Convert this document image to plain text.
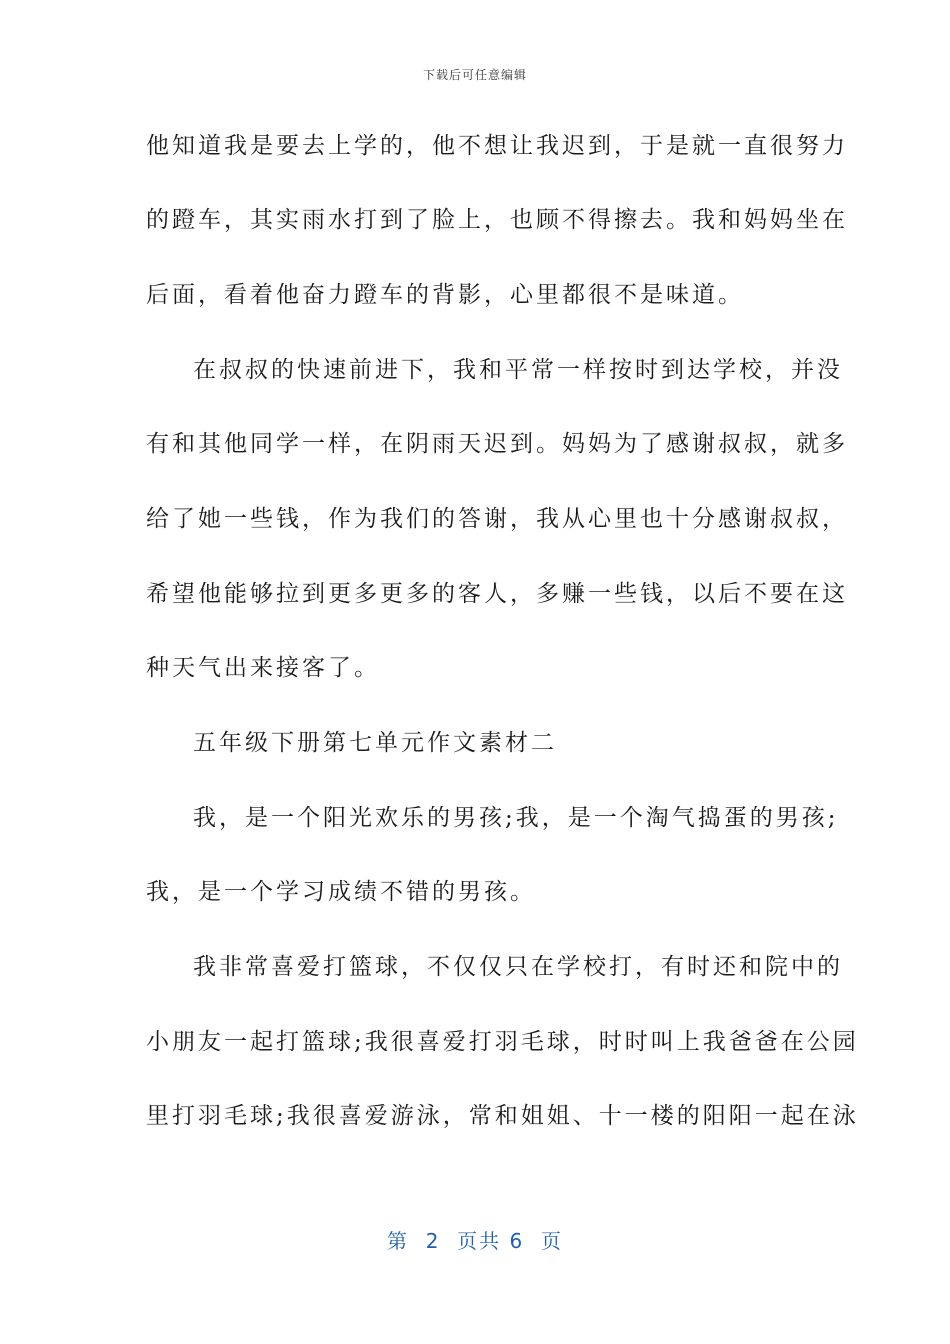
下载后可任意编辑
他知道我是要去上学的，他不想让我迟到，于是就一直很努力
的蹬车，其实雨水打到了脸上，也顾不得擦去。我和妈妈坐在
后面，看着他奋力蹬车的背影，心里都很不是味道。
在叔叔的快速前进下，我和平常一样按时到达学校，并没
有和其他同学一样，在阴雨天迟到。妈妈为了感谢叔叔，就多
给了她一些钱，作为我们的答谢，我从心里也十分感谢叔叔，
希望他能够拉到更多更多的客人，多赚一些钱，以后不要在这
种天气出来接客了。
五年级下册第七单元作文素材二
我，是一个阳光欢乐的男孩;我，是一个淘气捣蛋的男孩;
我，是一个学习成绩不错的男孩。
我非常喜爱打篮球，不仅仅只在学校打，有时还和院中的
小朋友一起打篮球;我很喜爱打羽毛球，时时叫上我爸爸在公园
里打羽毛球;我很喜爱游泳，常和姐姐、十一楼的阳阳一起在泳
第  2  页共 6  页
